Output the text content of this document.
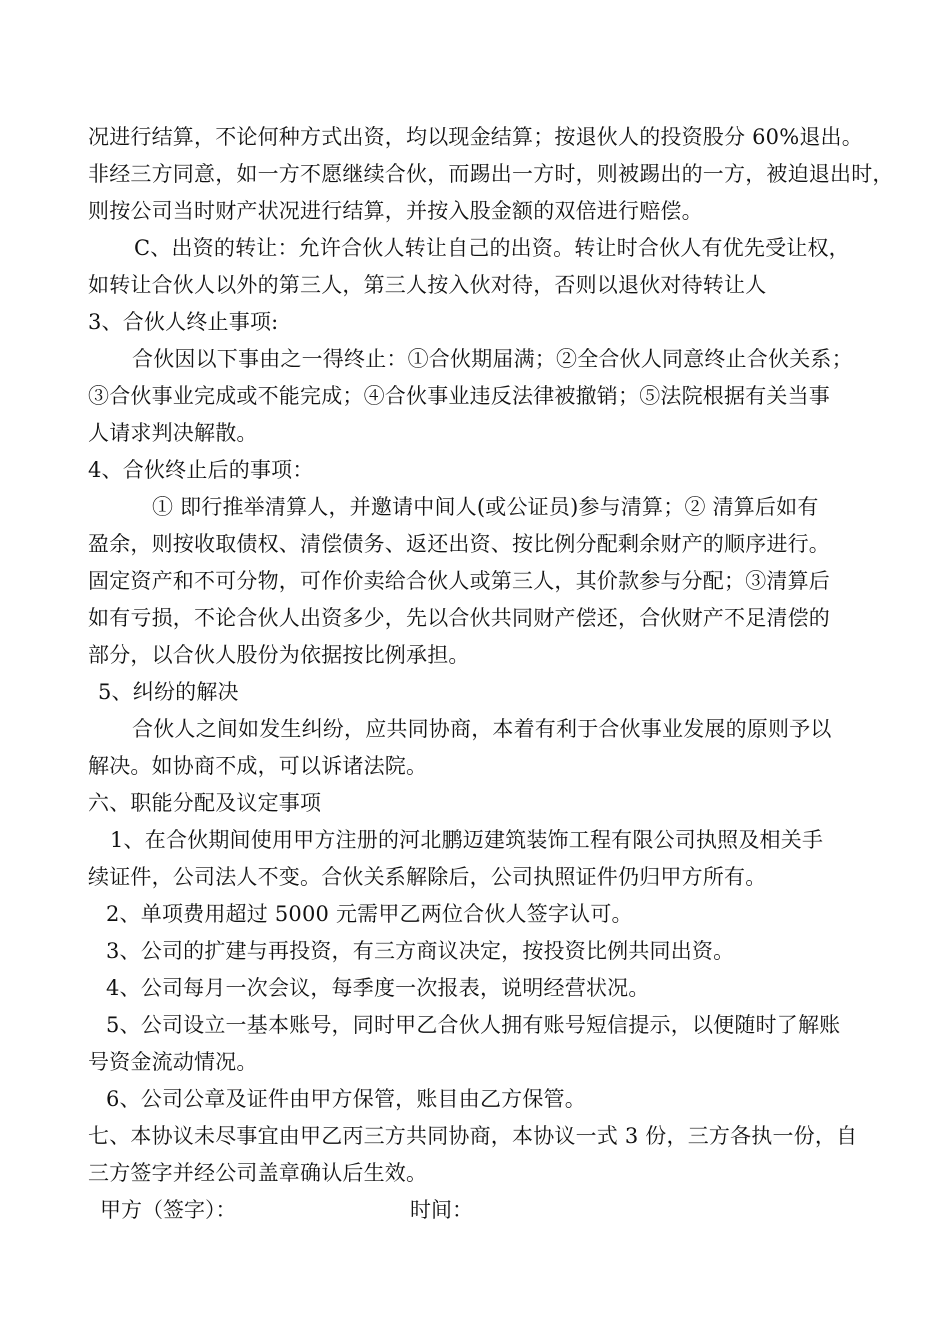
况进行结算，不论何种方式出资，均以现金结算；按退伙人的投资股分 60%退出。
非经三方同意，如一方不愿继续合伙，而踢出一方时，则被踢出的一方，被迫退出时，
则按公司当时财产状况进行结算，并按入股金额的双倍进行赔偿。
C、出资的转让：允许合伙人转让自己的出资。转让时合伙人有优先受让权，
如转让合伙人以外的第三人，第三人按入伙对待，否则以退伙对待转让人
3、合伙人终止事项:
合伙因以下事由之一得终止：①合伙期届满；②全合伙人同意终止合伙关系；
③合伙事业完成或不能完成；④合伙事业违反法律被撤销；⑤法院根据有关当事
人请求判决解散。
4、合伙终止后的事项：
① 即行推举清算人，并邀请中间人(或公证员)参与清算；② 清算后如有
盈余，则按收取债权、清偿债务、返还出资、按比例分配剩余财产的顺序进行。
固定资产和不可分物，可作价卖给合伙人或第三人，其价款参与分配；③清算后
如有亏损，不论合伙人出资多少，先以合伙共同财产偿还，合伙财产不足清偿的
部分，以合伙人股份为依据按比例承担。
5、纠纷的解决
合伙人之间如发生纠纷，应共同协商，本着有利于合伙事业发展的原则予以
解决。如协商不成，可以诉诸法院。
六、职能分配及议定事项
1、在合伙期间使用甲方注册的河北鹏迈建筑装饰工程有限公司执照及相关手
续证件，公司法人不变。合伙关系解除后，公司执照证件仍归甲方所有。
2、单项费用超过 5000 元需甲乙两位合伙人签字认可。
3、公司的扩建与再投资，有三方商议决定，按投资比例共同出资。
4、公司每月一次会议，每季度一次报表，说明经营状况。
5、公司设立一基本账号，同时甲乙合伙人拥有账号短信提示，以便随时了解账
号资金流动情况。
6、公司公章及证件由甲方保管，账目由乙方保管。
七、本协议未尽事宜由甲乙丙三方共同协商，本协议一式 3 份，三方各执一份，自
三方签字并经公司盖章确认后生效。
甲方（签字）：	时间：
